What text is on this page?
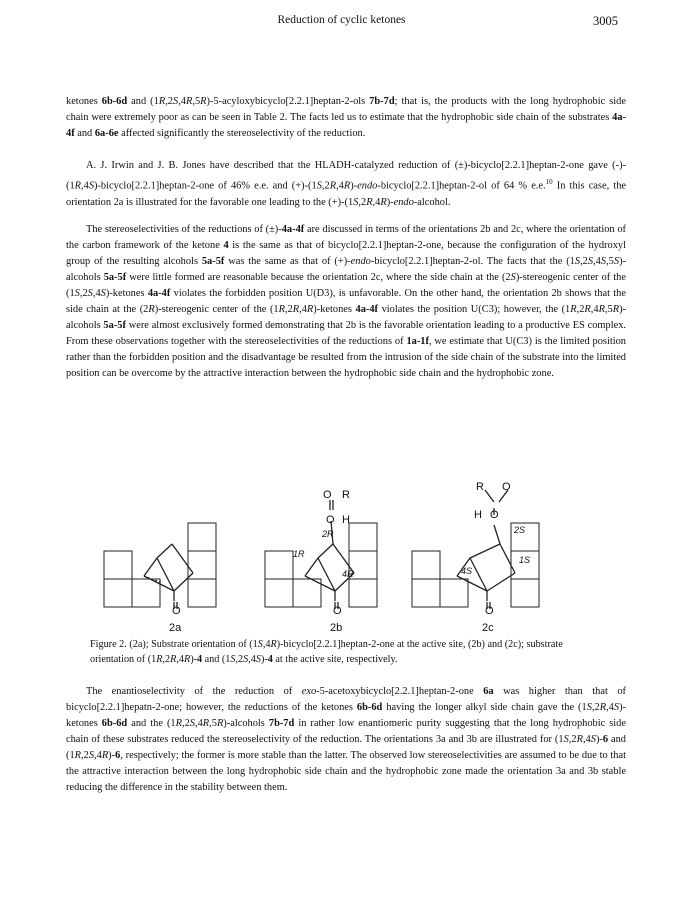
Reduction of cyclic ketones	3005

ketones 6b-6d and (1R,2S,4R,5R)-5-acyloxybicyclo[2.2.1]heptan-2-ols 7b-7d; that is, the products with the long hydrophobic side chain were extremely poor as can be seen in Table 2. The facts led us to estimate that the hydrophobic side chain of the substrates 4a-4f and 6a-6e affected significantly the stereoselectivity of the reduction.

A. J. Irwin and J. B. Jones have described that the HLADH-catalyzed reduction of (±)-bicyclo[2.2.1]heptan-2-one gave (-)-(1R,4S)-bicyclo[2.2.1]heptan-2-one of 46% e.e. and (+)-(1S,2R,4R)-endo-bicyclo[2.2.1]heptan-2-ol of 64 % e.e.$^{10}$ In this case, the orientation 2a is illustrated for the favorable one leading to the (+)-(1S,2R,4R)-endo-alcohol.

The stereoselectivities of the reductions of (±)-4a-4f are discussed in terms of the orientations 2b and 2c, where the orientation of the carbon framework of the ketone 4 is the same as that of bicyclo[2.2.1]heptan-2-one, because the configuration of the hydroxyl group of the resulting alcohols 5a-5f was the same as that of (+)-endo-bicyclo[2.2.1]heptan-2-ol. The facts that the (1S,2S,4S,5S)-alcohols 5a-5f were little formed are reasonable because the orientation 2c, where the side chain at the (2S)-stereogenic center of the (1S,2S,4S)-ketones 4a-4f violates the forbidden position U(D3), is unfavorable. On the other hand, the orientation 2b shows that the side chain at the (2R)-stereogenic center of the (1R,2R,4R)-ketones 4a-4f violates the position U(C3); however, the (1R,2R,4R,5R)-alcohols 5a-5f were almost exclusively formed demonstrating that 2b is the favorable orientation leading to a productive ES complex. From these observations together with the stereoselectivities of the reductions of 1a-1f, we estimate that U(C3) is the limited position rather than the forbidden position and the disadvantage be resulted from the intrusion of the side chain of the substrate into the limited position can be overcome by the attractive interaction between the hydrophobic side chain and the hydrophobic zone.

O	O	O
O R
O H
R O
H O
2R
1R
4R
2S
1S
4S
2a	2b	2c
Figure 2. (2a); Substrate orientation of (1S,4R)-bicyclo[2.2.1]heptan-2-one at the active site, (2b) and (2c); substrate orientation of (1R,2R,4R)-4 and (1S,2S,4S)-4 at the active site, respectively.

The enantioselectivity of the reduction of exo-5-acetoxybicyclo[2.2.1]heptan-2-one 6a was higher than that of bicyclo[2.2.1]hepatn-2-one; however, the reductions of the ketones 6b-6d having the longer alkyl side chain gave the (1S,2R,4S)-ketones 6b-6d and the (1R,2S,4R,5R)-alcohols 7b-7d in rather low enantiomeric purity suggesting that the long hydrophobic side chain of these substrates reduced the stereoselectivity of the reduction. The orientations 3a and 3b are illustrated for (1S,2R,4S)-6 and (1R,2S,4R)-6, respectively; the former is more stable than the latter. The observed low stereoselectivities are assumed to be due to that the attractive interaction between the long hydrophobic side chain and the hydrophobic zone made the orientation 3a and 3b stable reducing the difference in the stability between them.
